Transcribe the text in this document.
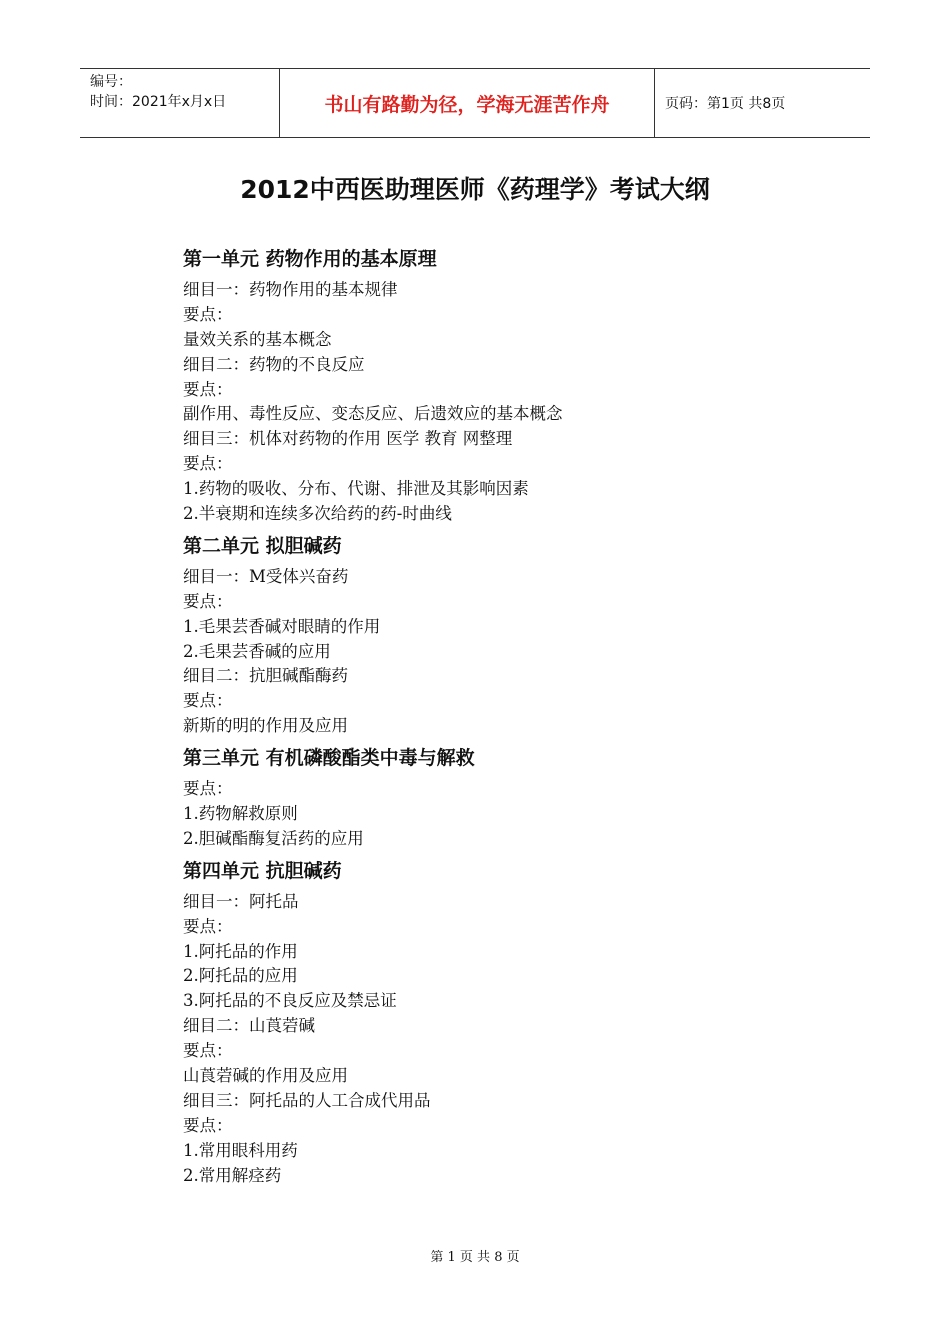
编号：
时间：2021年x月x日	书山有路勤为径，学海无涯苦作舟	页码：第1页 共8页
2012中西医助理医师《药理学》考试大纲
第一单元 药物作用的基本原理
细目一：药物作用的基本规律
要点：
量效关系的基本概念
细目二：药物的不良反应
要点：
副作用、毒性反应、变态反应、后遗效应的基本概念
细目三：机体对药物的作用 医学 教育 网整理
要点：
1.药物的吸收、分布、代谢、排泄及其影响因素
2.半衰期和连续多次给药的药-时曲线
第二单元 拟胆碱药
细目一：M受体兴奋药
要点：
1.毛果芸香碱对眼睛的作用
2.毛果芸香碱的应用
细目二：抗胆碱酯酶药
要点：
新斯的明的作用及应用
第三单元 有机磷酸酯类中毒与解救
要点：
1.药物解救原则
2.胆碱酯酶复活药的应用
第四单元 抗胆碱药
细目一：阿托品
要点：
1.阿托品的作用
2.阿托品的应用
3.阿托品的不良反应及禁忌证
细目二：山莨菪碱
要点：
山莨菪碱的作用及应用
细目三：阿托品的人工合成代用品
要点：
1.常用眼科用药
2.常用解痉药
第 1 页 共 8 页
